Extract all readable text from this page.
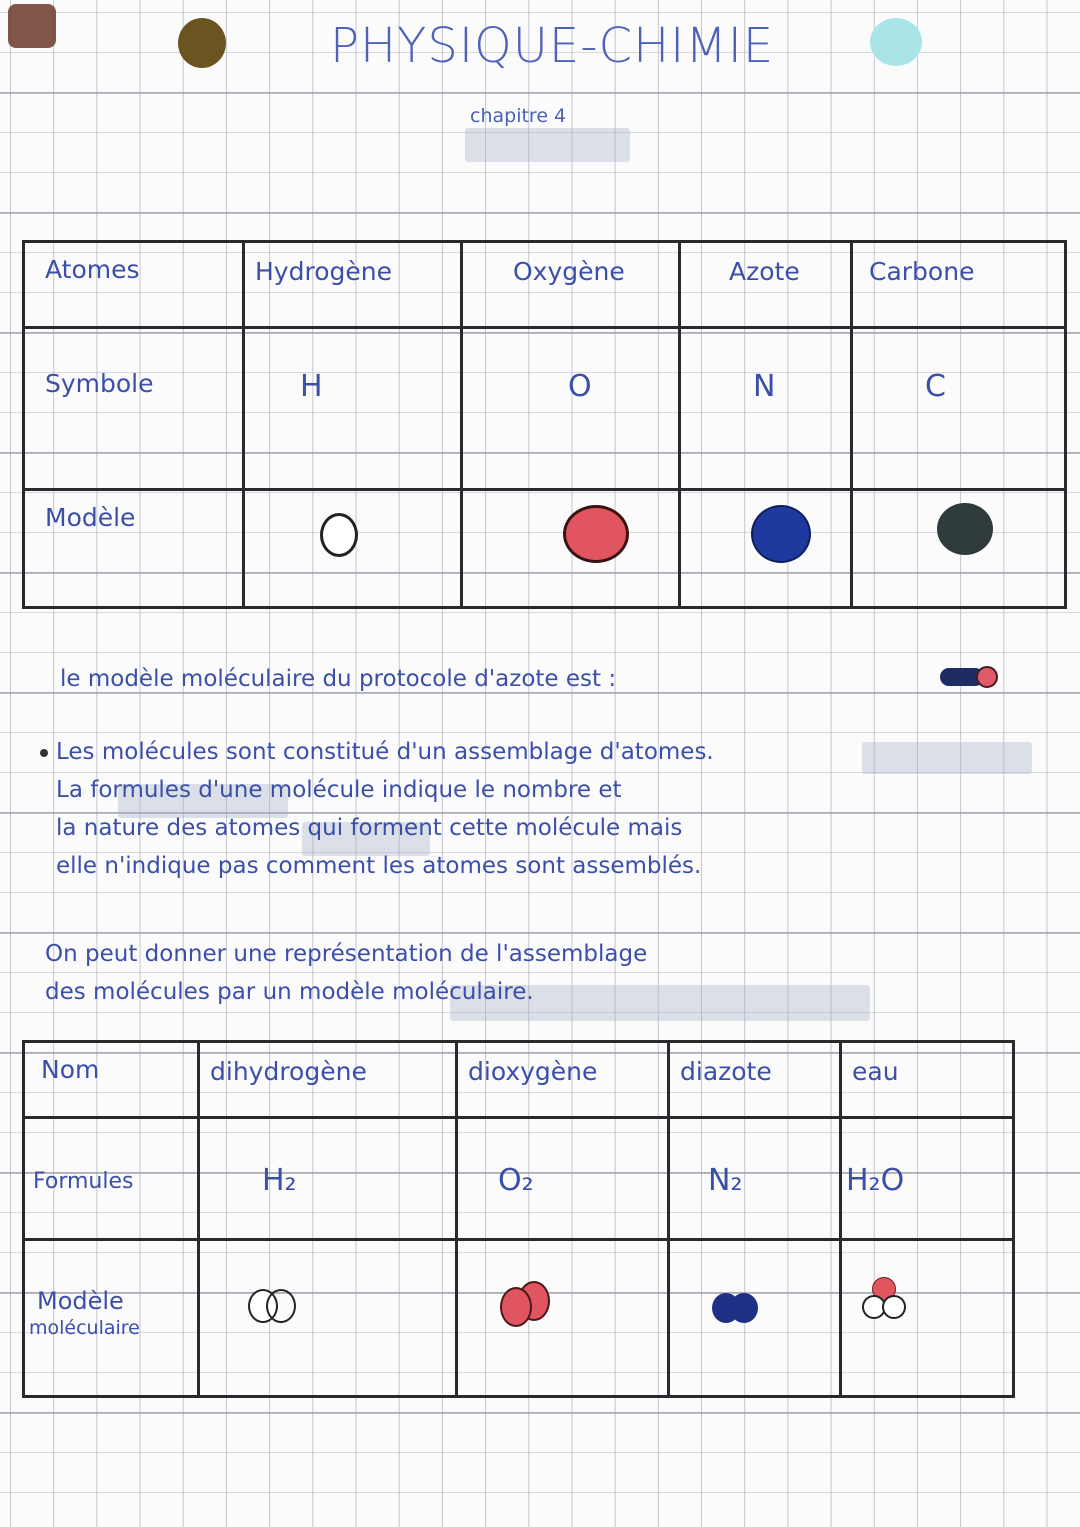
PHYSIQUE-CHIMIE
chapitre 4
Atomes	Hydrogène	Oxygène	Azote	Carbone

Symbole	H	O	N	C

Modèle				

le modèle moléculaire du protocole d'azote est :
Les molécules sont constitué d'un assemblage d'atomes.
La formules d'une molécule indique le nombre et
la nature des atomes qui forment cette molécule mais
elle n'indique pas comment les atomes sont assemblés.
On peut donner une représentation de l'assemblage
des molécules par un modèle moléculaire.
Nom	dihydrogène	dioxygène	diazote	eau

Formules	H₂	O₂	N₂	H₂O

Modèle
moléculaire				
